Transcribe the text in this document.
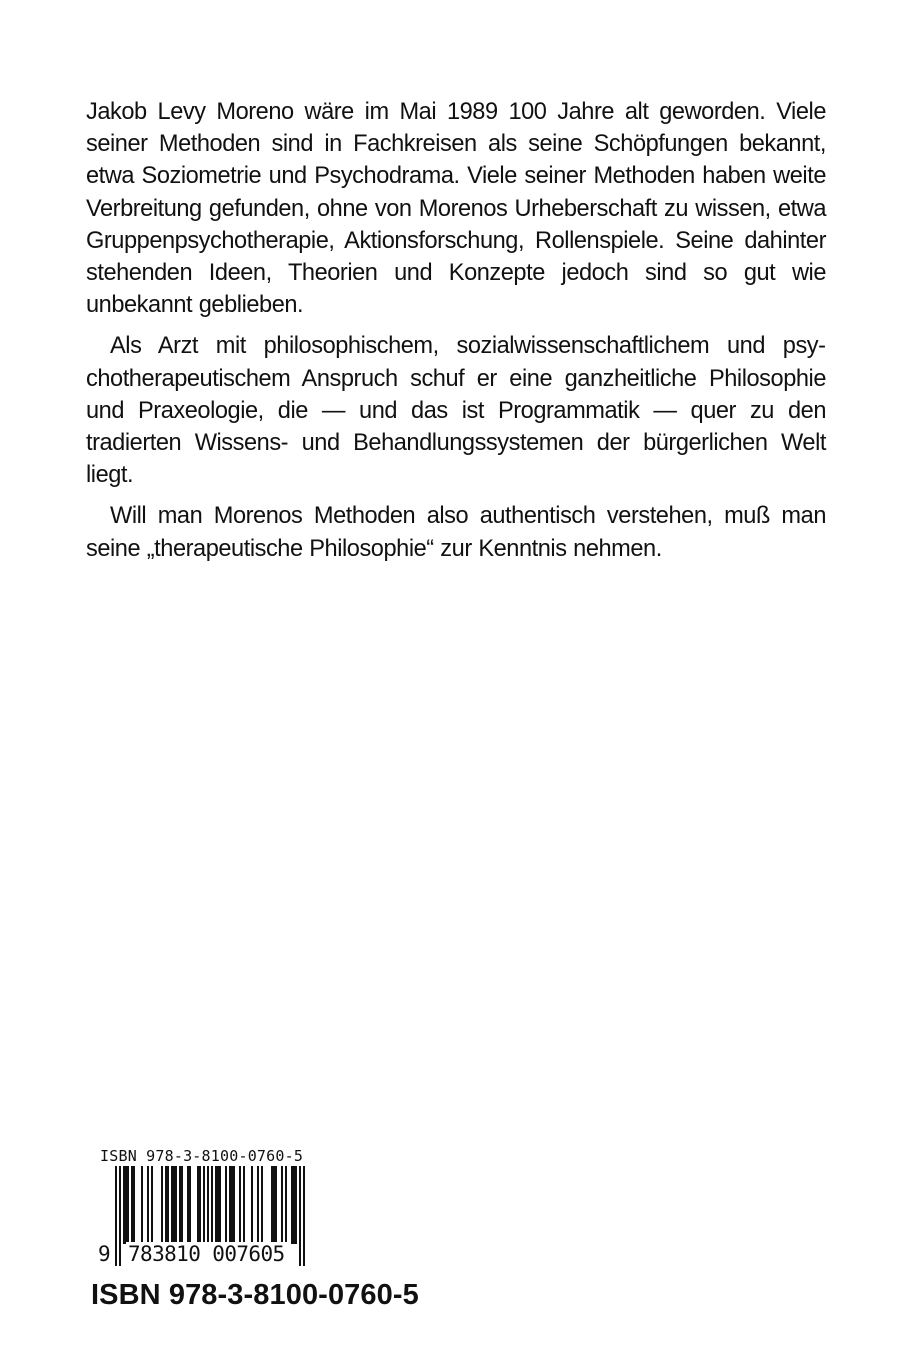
Jakob Levy Moreno wäre im Mai 1989 100 Jahre alt geworden. Viele seiner Methoden sind in Fachkreisen als seine Schöpfungen bekannt, etwa Soziometrie und Psychodrama. Viele seiner Methoden haben weite Verbreitung gefunden, ohne von Morenos Urheberschaft zu wissen, etwa Gruppenpsychotherapie, Aktionsforschung, Rollenspiele. Seine dahinter stehenden Ideen, Theorien und Konzepte jedoch sind so gut wie unbekannt geblieben.

Als Arzt mit philosophischem, sozialwissenschaftlichem und psychotherapeutischem Anspruch schuf er eine ganzheitliche Philosophie und Praxeologie, die — und das ist Programmatik — quer zu den tradierten Wissens- und Behandlungssystemen der bürgerlichen Welt liegt.

Will man Morenos Methoden also authentisch verstehen, muß man seine „therapeutische Philosophie“ zur Kenntnis nehmen.

ISBN 978-3-8100-0760-5
9 783810 007605
ISBN 978-3-8100-0760-5
